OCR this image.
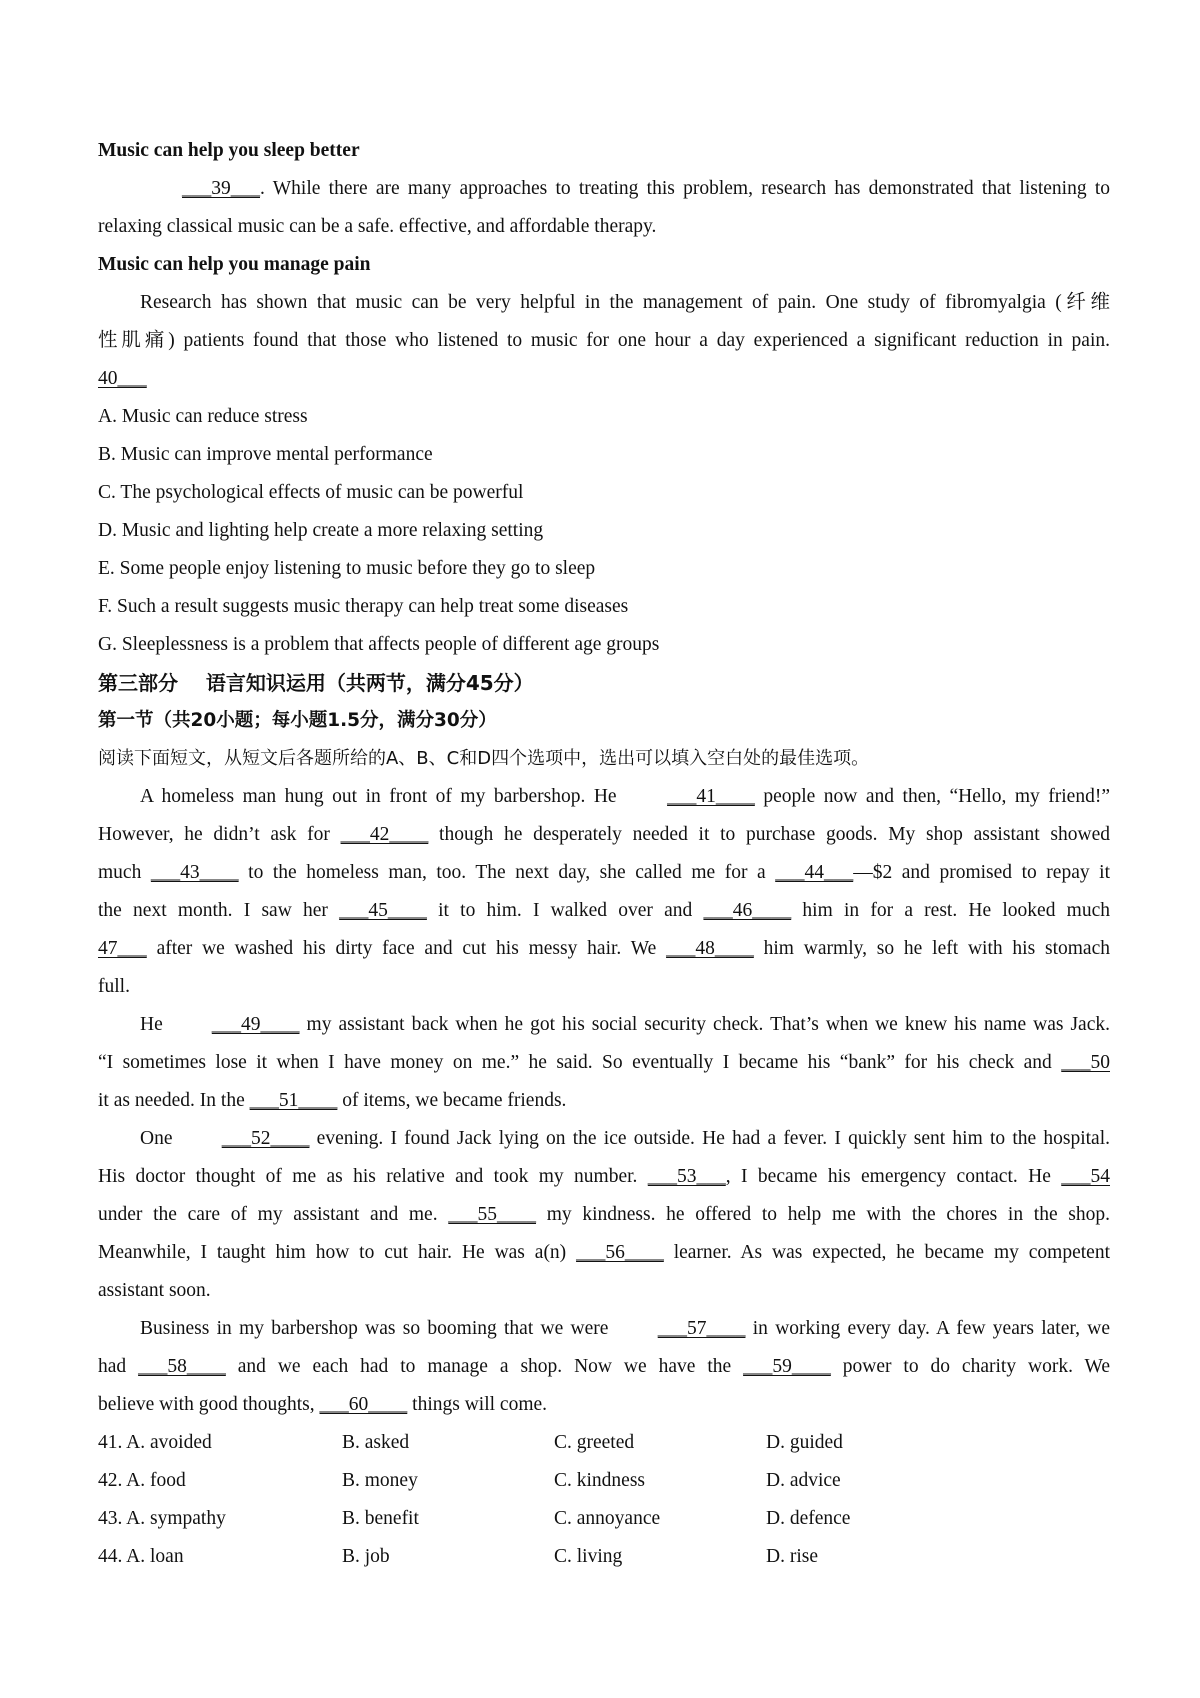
Music can help you sleep better

___39___. While there are many approaches to treating this problem, research has demonstrated that listening to

relaxing classical music can be a safe. effective, and affordable therapy.

Music can help you manage pain

Research has shown that music can be very helpful in the management of pain. One study of fibromyalgia (纤维

性肌痛) patients found that those who listened to music for one hour a day experienced a significant reduction in pain.

40___

A. Music can reduce stress

B. Music can improve mental performance

C. The psychological effects of music can be powerful

D. Music and lighting help create a more relaxing setting

E. Some people enjoy listening to music before they go to sleep

F. Such a result suggests music therapy can help treat some diseases

G. Sleeplessness is a problem that affects people of different age groups

第三部分    语言知识运用（共两节，满分45分）

第一节（共20小题；每小题1.5分，满分30分）

阅读下面短文，从短文后各题所给的A、B、C和D四个选项中，选出可以填入空白处的最佳选项。

A homeless man hung out in front of my barbershop. He ___41____ people now and then, “Hello, my friend!”

However, he didn’t ask for ___42____ though he desperately needed it to purchase goods. My shop assistant showed

much ___43____ to the homeless man, too. The next day, she called me for a ___44___—$2 and promised to repay it

the next month. I saw her ___45____ it to him. I walked over and ___46____ him in for a rest. He looked much

47___ after we washed his dirty face and cut his messy hair. We ___48____ him warmly, so he left with his stomach

full.

He ___49____ my assistant back when he got his social security check. That’s when we knew his name was Jack.

“I sometimes lose it when I have money on me.” he said. So eventually I became his “bank” for his check and ___50

it as needed. In the ___51____ of items, we became friends.

One ___52____ evening. I found Jack lying on the ice outside. He had a fever. I quickly sent him to the hospital.

His doctor thought of me as his relative and took my number. ___53___, I became his emergency contact. He ___54

under the care of my assistant and me. ___55____ my kindness. he offered to help me with the chores in the shop.

Meanwhile, I taught him how to cut hair. He was a(n) ___56____ learner. As was expected, he became my competent

assistant soon.

Business in my barbershop was so booming that we were ___57____ in working every day. A few years later, we

had ___58____ and we each had to manage a shop. Now we have the ___59____ power to do charity work. We

believe with good thoughts, ___60____ things will come.

41. A. avoided	B. asked	C. greeted	D. guided
42. A. food	B. money	C. kindness	D. advice
43. A. sympathy	B. benefit	C. annoyance	D. defence
44. A. loan	B. job	C. living	D. rise
